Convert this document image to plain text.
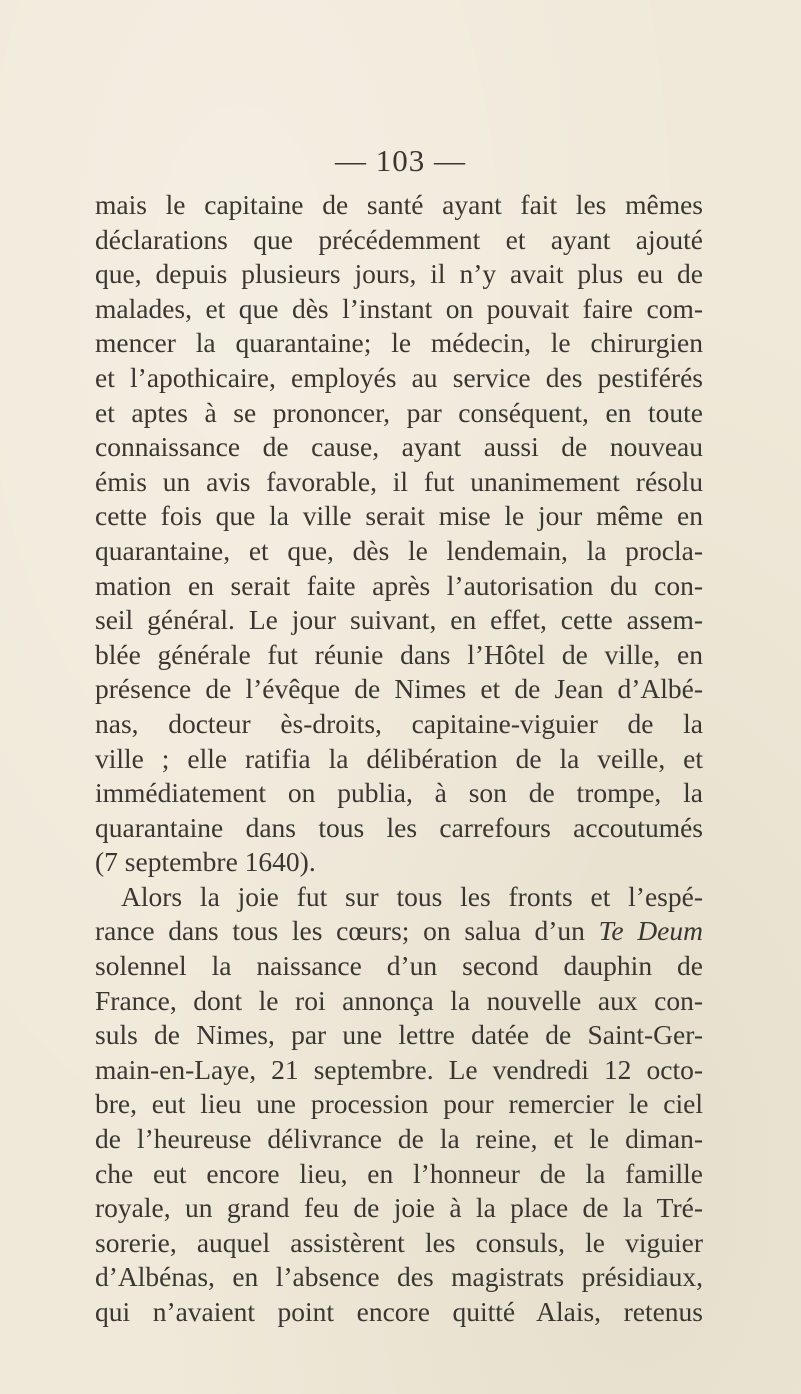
— 103 —
mais le capitaine de santé ayant fait les mêmes
déclarations que précédemment et ayant ajouté
que, depuis plusieurs jours, il n’y avait plus eu de
malades, et que dès l’instant on pouvait faire com-
mencer la quarantaine; le médecin, le chirurgien
et l’apothicaire, employés au service des pestiférés
et aptes à se prononcer, par conséquent, en toute
connaissance de cause, ayant aussi de nouveau
émis un avis favorable, il fut unanimement résolu
cette fois que la ville serait mise le jour même en
quarantaine, et que, dès le lendemain, la procla-
mation en serait faite après l’autorisation du con-
seil général. Le jour suivant, en effet, cette assem-
blée générale fut réunie dans l’Hôtel de ville, en
présence de l’évêque de Nimes et de Jean d’Albé-
nas, docteur ès-droits, capitaine-viguier de la
ville ; elle ratifia la délibération de la veille, et
immédiatement on publia, à son de trompe, la
quarantaine dans tous les carrefours accoutumés
(7 septembre 1640).
Alors la joie fut sur tous les fronts et l’espé-
rance dans tous les cœurs; on salua d’un Te Deum
solennel la naissance d’un second dauphin de
France, dont le roi annonça la nouvelle aux con-
suls de Nimes, par une lettre datée de Saint-Ger-
main-en-Laye, 21 septembre. Le vendredi 12 octo-
bre, eut lieu une procession pour remercier le ciel
de l’heureuse délivrance de la reine, et le diman-
che eut encore lieu, en l’honneur de la famille
royale, un grand feu de joie à la place de la Tré-
sorerie, auquel assistèrent les consuls, le viguier
d’Albénas, en l’absence des magistrats présidiaux,
qui n’avaient point encore quitté Alais, retenus
